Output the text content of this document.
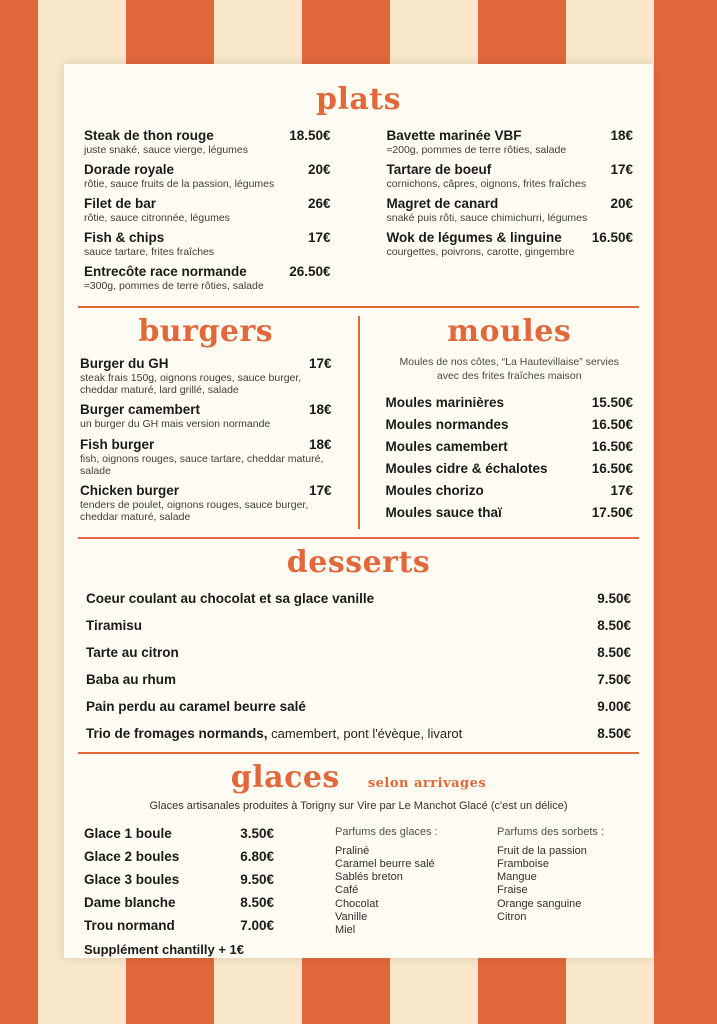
plats
Steak de thon rouge	18.50€
juste snaké, sauce vierge, légumes
Dorade royale	20€
rôtie, sauce fruits de la passion, légumes
Filet de bar	26€
rôtie, sauce citronnée, légumes
Fish & chips	17€
sauce tartare, frites fraîches
Entrecôte race normande	26.50€
≈300g, pommes de terre rôties, salade
Bavette marinée VBF	18€
≈200g, pommes de terre rôties, salade
Tartare de boeuf	17€
cornichons, câpres, oignons, frites fraîches
Magret de canard	20€
snaké puis rôti, sauce chimichurri, légumes
Wok de légumes & linguine 16.50€
courgettes, poivrons, carotte, gingembre
burgers
Burger du GH	17€
steak frais 150g, oignons rouges, sauce burger, cheddar maturé, lard grillé, salade
Burger camembert	18€
un burger du GH mais version normande
Fish burger	18€
fish, oignons rouges, sauce tartare, cheddar maturé, salade
Chicken burger	17€
tenders de poulet, oignons rouges, sauce burger, cheddar maturé, salade
moules

Moules de nos côtes, “La Hautevillaise” servies avec des frites fraîches maison

Moules marinières	15.50€
Moules normandes	16.50€
Moules camembert	16.50€
Moules cidre & échalotes	16.50€
Moules chorizo	17€
Moules sauce thaï	17.50€
desserts
Coeur coulant au chocolat et sa glace vanille	9.50€
Tiramisu	8.50€
Tarte au citron	8.50€
Baba au rhum	7.50€
Pain perdu au caramel beurre salé	9.00€
Trio de fromages normands, camembert, pont l'évèque, livarot	8.50€
glaces selon arrivages

Glaces artisanales produites à Torigny sur Vire par Le Manchot Glacé (c'est un délice)

Glace 1 boule	3.50€
Glace 2 boules	6.80€
Glace 3 boules	9.50€
Dame blanche	8.50€
Trou normand	7.00€
Supplément chantilly + 1€
Parfums des glaces :
Praliné
Caramel beurre salé
Sablés breton
Café
Chocolat
Vanille
Miel
Parfums des sorbets :
Fruit de la passion
Framboise
Mangue
Fraise
Orange sanguine
Citron
